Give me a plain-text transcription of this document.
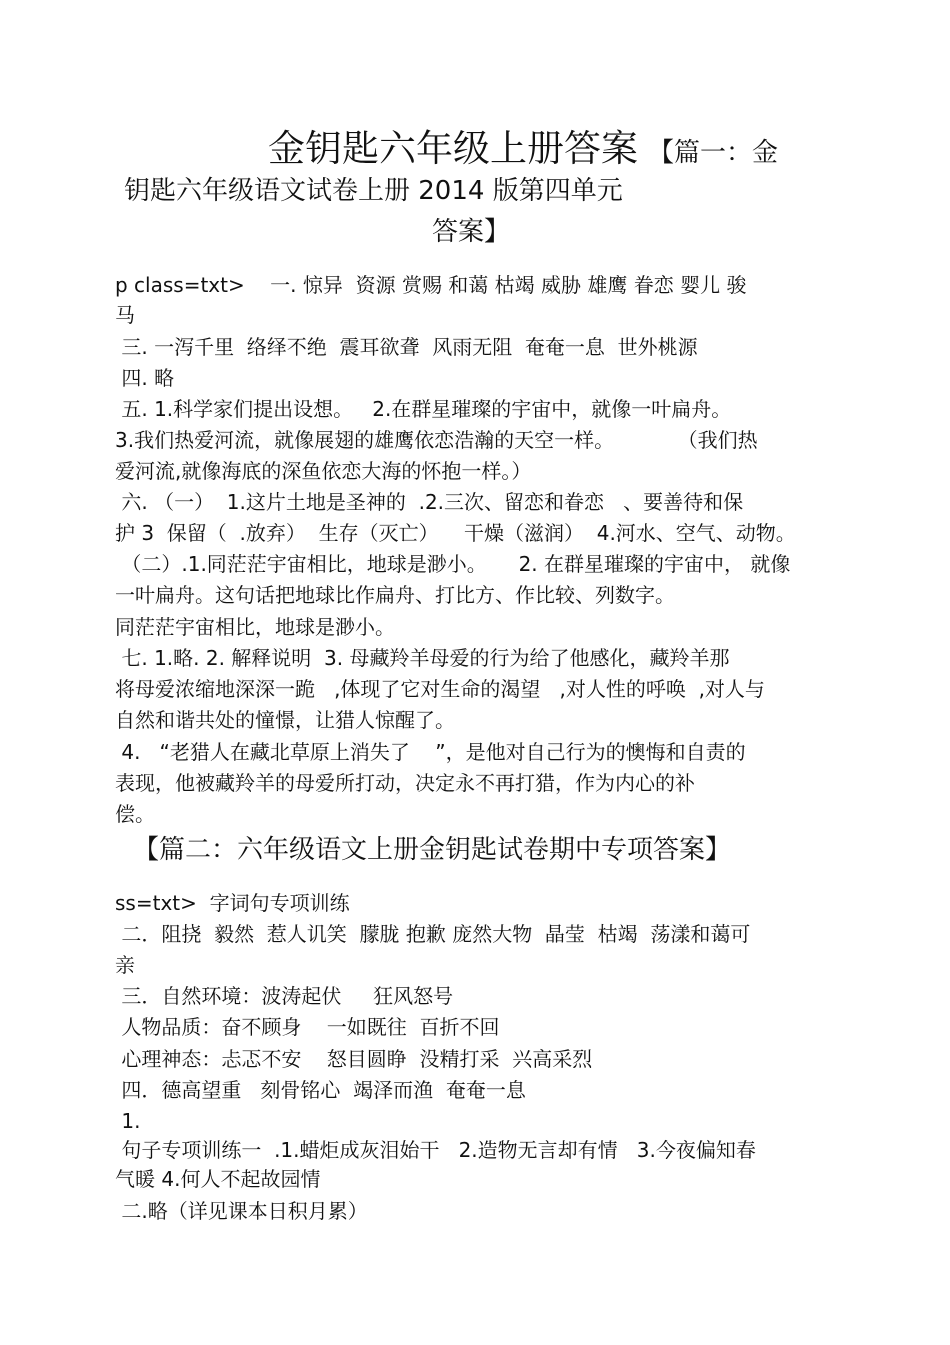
金钥匙六年级上册答案 【篇一：金
钥匙六年级语文试卷上册 2014 版第四单元
答案】
p class=txt>    一. 惊异  资源 赏赐 和蔼 枯竭 威胁 雄鹰 眷恋 婴儿 骏
马
三. 一泻千里  络绎不绝  震耳欲聋  风雨无阻  奄奄一息  世外桃源
四. 略
五. 1.科学家们提出设想。   2.在群星璀璨的宇宙中，就像一叶扁舟。
3.我们热爱河流，就像展翅的雄鹰依恋浩瀚的天空一样。          （我们热
爱河流,就像海底的深鱼依恋大海的怀抱一样。）
六. （一）  1.这片土地是圣神的  .2.三次、留恋和眷恋   、要善待和保
护 3  保留（  .放弃）  生存（灭亡）    干燥（滋润）  4.河水、空气、动物。
（二）.1.同茫茫宇宙相比，地球是渺小。     2. 在群星璀璨的宇宙中， 就像
一叶扁舟。这句话把地球比作扁舟、打比方、作比较、列数字。
同茫茫宇宙相比，地球是渺小。
七. 1.略. 2. 解释说明  3. 母藏羚羊母爱的行为给了他感化，藏羚羊那
将母爱浓缩地深深一跪   ,体现了它对生命的渴望   ,对人性的呼唤  ,对人与
自然和谐共处的憧憬，让猎人惊醒了。
4.   “老猎人在藏北草原上消失了    ”，是他对自己行为的懊悔和自责的
表现，他被藏羚羊的母爱所打动，决定永不再打猎，作为内心的补
偿。
【篇二：六年级语文上册金钥匙试卷期中专项答案】
ss=txt>  字词句专项训练
二．阻挠  毅然  惹人讥笑  朦胧 抱歉 庞然大物  晶莹  枯竭  荡漾和蔼可
亲
三．自然环境：波涛起伏     狂风怒号
人物品质：奋不顾身    一如既往  百折不回
心理神态：忐忑不安    怒目圆睁  没精打采  兴高采烈
四．德高望重   刻骨铭心  竭泽而渔  奄奄一息
1.
句子专项训练一  .1.蜡炬成灰泪始干   2.造物无言却有情   3.今夜偏知春
气暖 4.何人不起故园情
二.略（详见课本日积月累）
